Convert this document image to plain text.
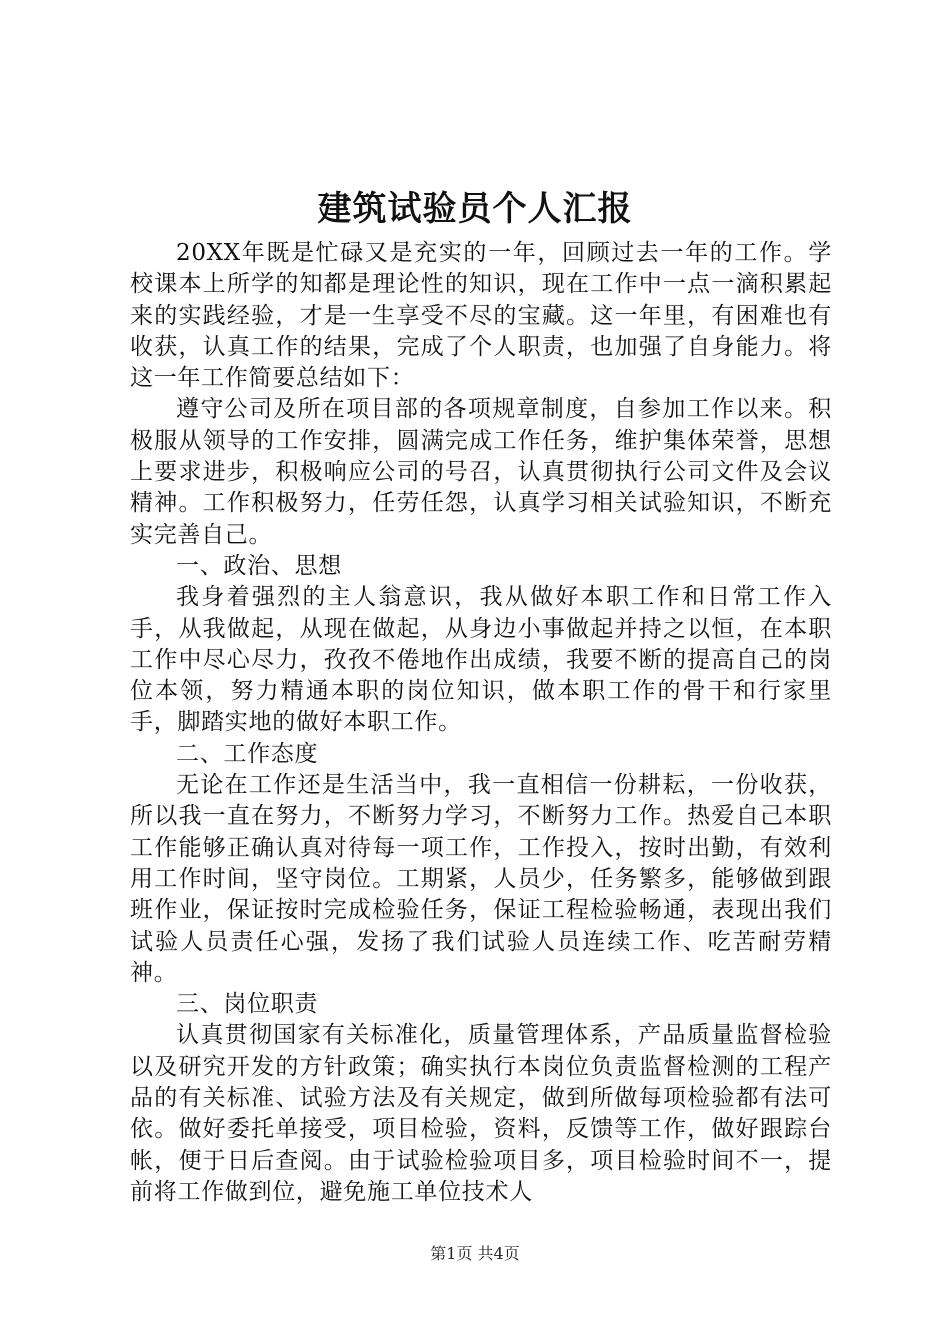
建筑试验员个人汇报

20XX年既是忙碌又是充实的一年，回顾过去一年的工作。学校课本上所学的知都是理论性的知识，现在工作中一点一滴积累起来的实践经验，才是一生享受不尽的宝藏。这一年里，有困难也有收获，认真工作的结果，完成了个人职责，也加强了自身能力。将这一年工作简要总结如下：

遵守公司及所在项目部的各项规章制度，自参加工作以来。积极服从领导的工作安排，圆满完成工作任务，维护集体荣誉，思想上要求进步，积极响应公司的号召，认真贯彻执行公司文件及会议精神。工作积极努力，任劳任怨，认真学习相关试验知识，不断充实完善自己。

一、政治、思想

我身着强烈的主人翁意识，我从做好本职工作和日常工作入手，从我做起，从现在做起，从身边小事做起并持之以恒，在本职工作中尽心尽力，孜孜不倦地作出成绩，我要不断的提高自己的岗位本领，努力精通本职的岗位知识，做本职工作的骨干和行家里手，脚踏实地的做好本职工作。

二、工作态度

无论在工作还是生活当中，我一直相信一份耕耘，一份收获，所以我一直在努力，不断努力学习，不断努力工作。热爱自己本职工作能够正确认真对待每一项工作，工作投入，按时出勤，有效利用工作时间，坚守岗位。工期紧，人员少，任务繁多，能够做到跟班作业，保证按时完成检验任务，保证工程检验畅通，表现出我们试验人员责任心强，发扬了我们试验人员连续工作、吃苦耐劳精神。

三、岗位职责

认真贯彻国家有关标准化，质量管理体系，产品质量监督检验以及研究开发的方针政策；确实执行本岗位负责监督检测的工程产品的有关标准、试验方法及有关规定，做到所做每项检验都有法可依。做好委托单接受，项目检验，资料，反馈等工作，做好跟踪台帐，便于日后查阅。由于试验检验项目多，项目检验时间不一，提前将工作做到位，避免施工单位技术人

第1页 共4页
